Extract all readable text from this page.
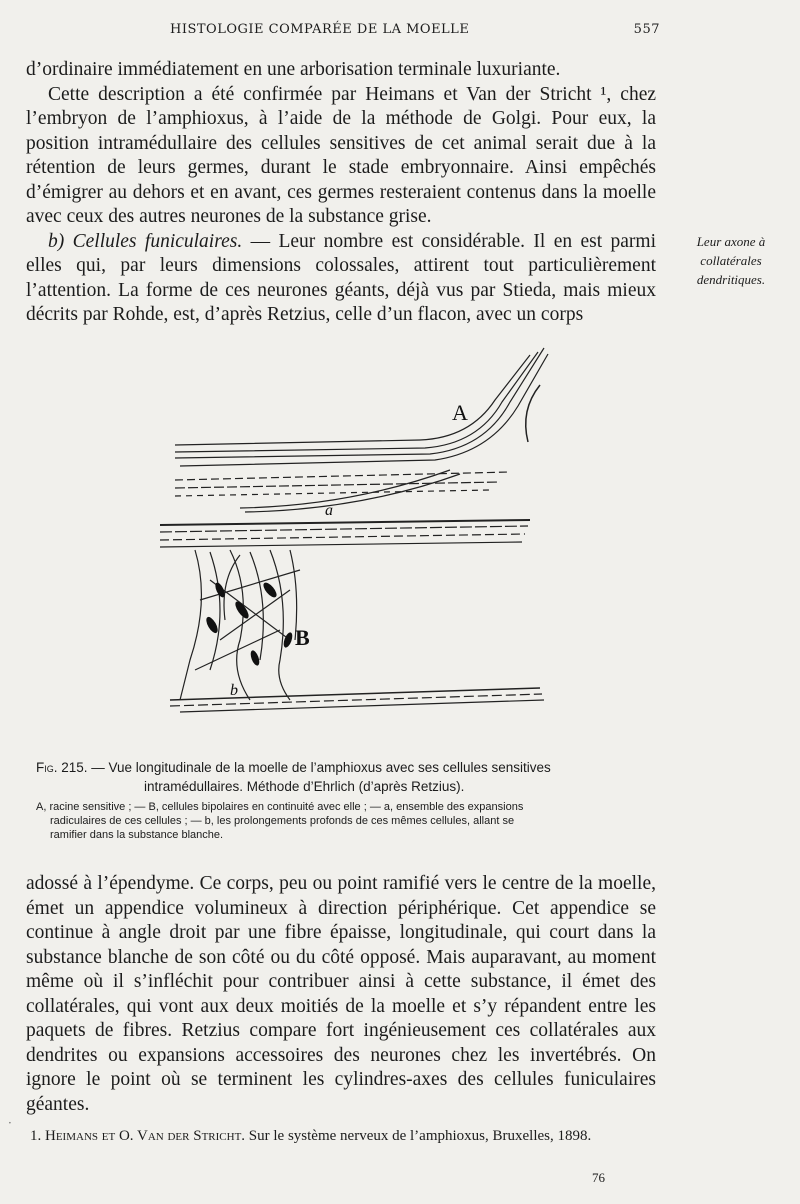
HISTOLOGIE COMPARÉE DE LA MOELLE	557

d’ordinaire immédiatement en une arborisation terminale luxuriante.

Cette description a été confirmée par Heimans et Van der Stricht ¹, chez l’embryon de l’amphioxus, à l’aide de la méthode de Golgi. Pour eux, la position intramédullaire des cellules sensitives de cet animal serait due à la rétention de leurs germes, durant le stade embryonnaire. Ainsi empêchés d’émigrer au dehors et en avant, ces germes resteraient contenus dans la moelle avec ceux des autres neurones de la substance grise.

b) Cellules funiculaires. — Leur nombre est considérable. Il en est parmi elles qui, par leurs dimensions colossales, attirent tout particulièrement l’attention. La forme de ces neurones géants, déjà vus par Stieda, mais mieux décrits par Rohde, est, d’après Retzius, celle d’un flacon, avec un corps

Leur axone à collatérales dendritiques.
A
a
B
b
Fig. 215. — Vue longitudinale de la moelle de l’amphioxus avec ses cellules sensitives
intramédullaires. Méthode d’Ehrlich (d’après Retzius).
A, racine sensitive ; — B, cellules bipolaires en continuité avec elle ; — a, ensemble des expansions
radiculaires de ces cellules ; — b, les prolongements profonds de ces mêmes cellules, allant se
ramifier dans la substance blanche.

adossé à l’épendyme. Ce corps, peu ou point ramifié vers le centre de la moelle, émet un appendice volumineux à direction périphérique. Cet appendice se continue à angle droit par une fibre épaisse, longitudinale, qui court dans la substance blanche de son côté ou du côté opposé. Mais auparavant, au moment même où il s’infléchit pour contribuer ainsi à cette substance, il émet des collatérales, qui vont aux deux moitiés de la moelle et s’y répandent entre les paquets de fibres. Retzius compare fort ingénieusement ces collatérales aux dendrites ou expansions accessoires des neurones chez les invertébrés. On ignore le point où se terminent les cylindres-axes des cellules funiculaires géantes.

·
1. Heimans et O. Van der Stricht. Sur le système nerveux de l’amphioxus, Bruxelles, 1898.
76
